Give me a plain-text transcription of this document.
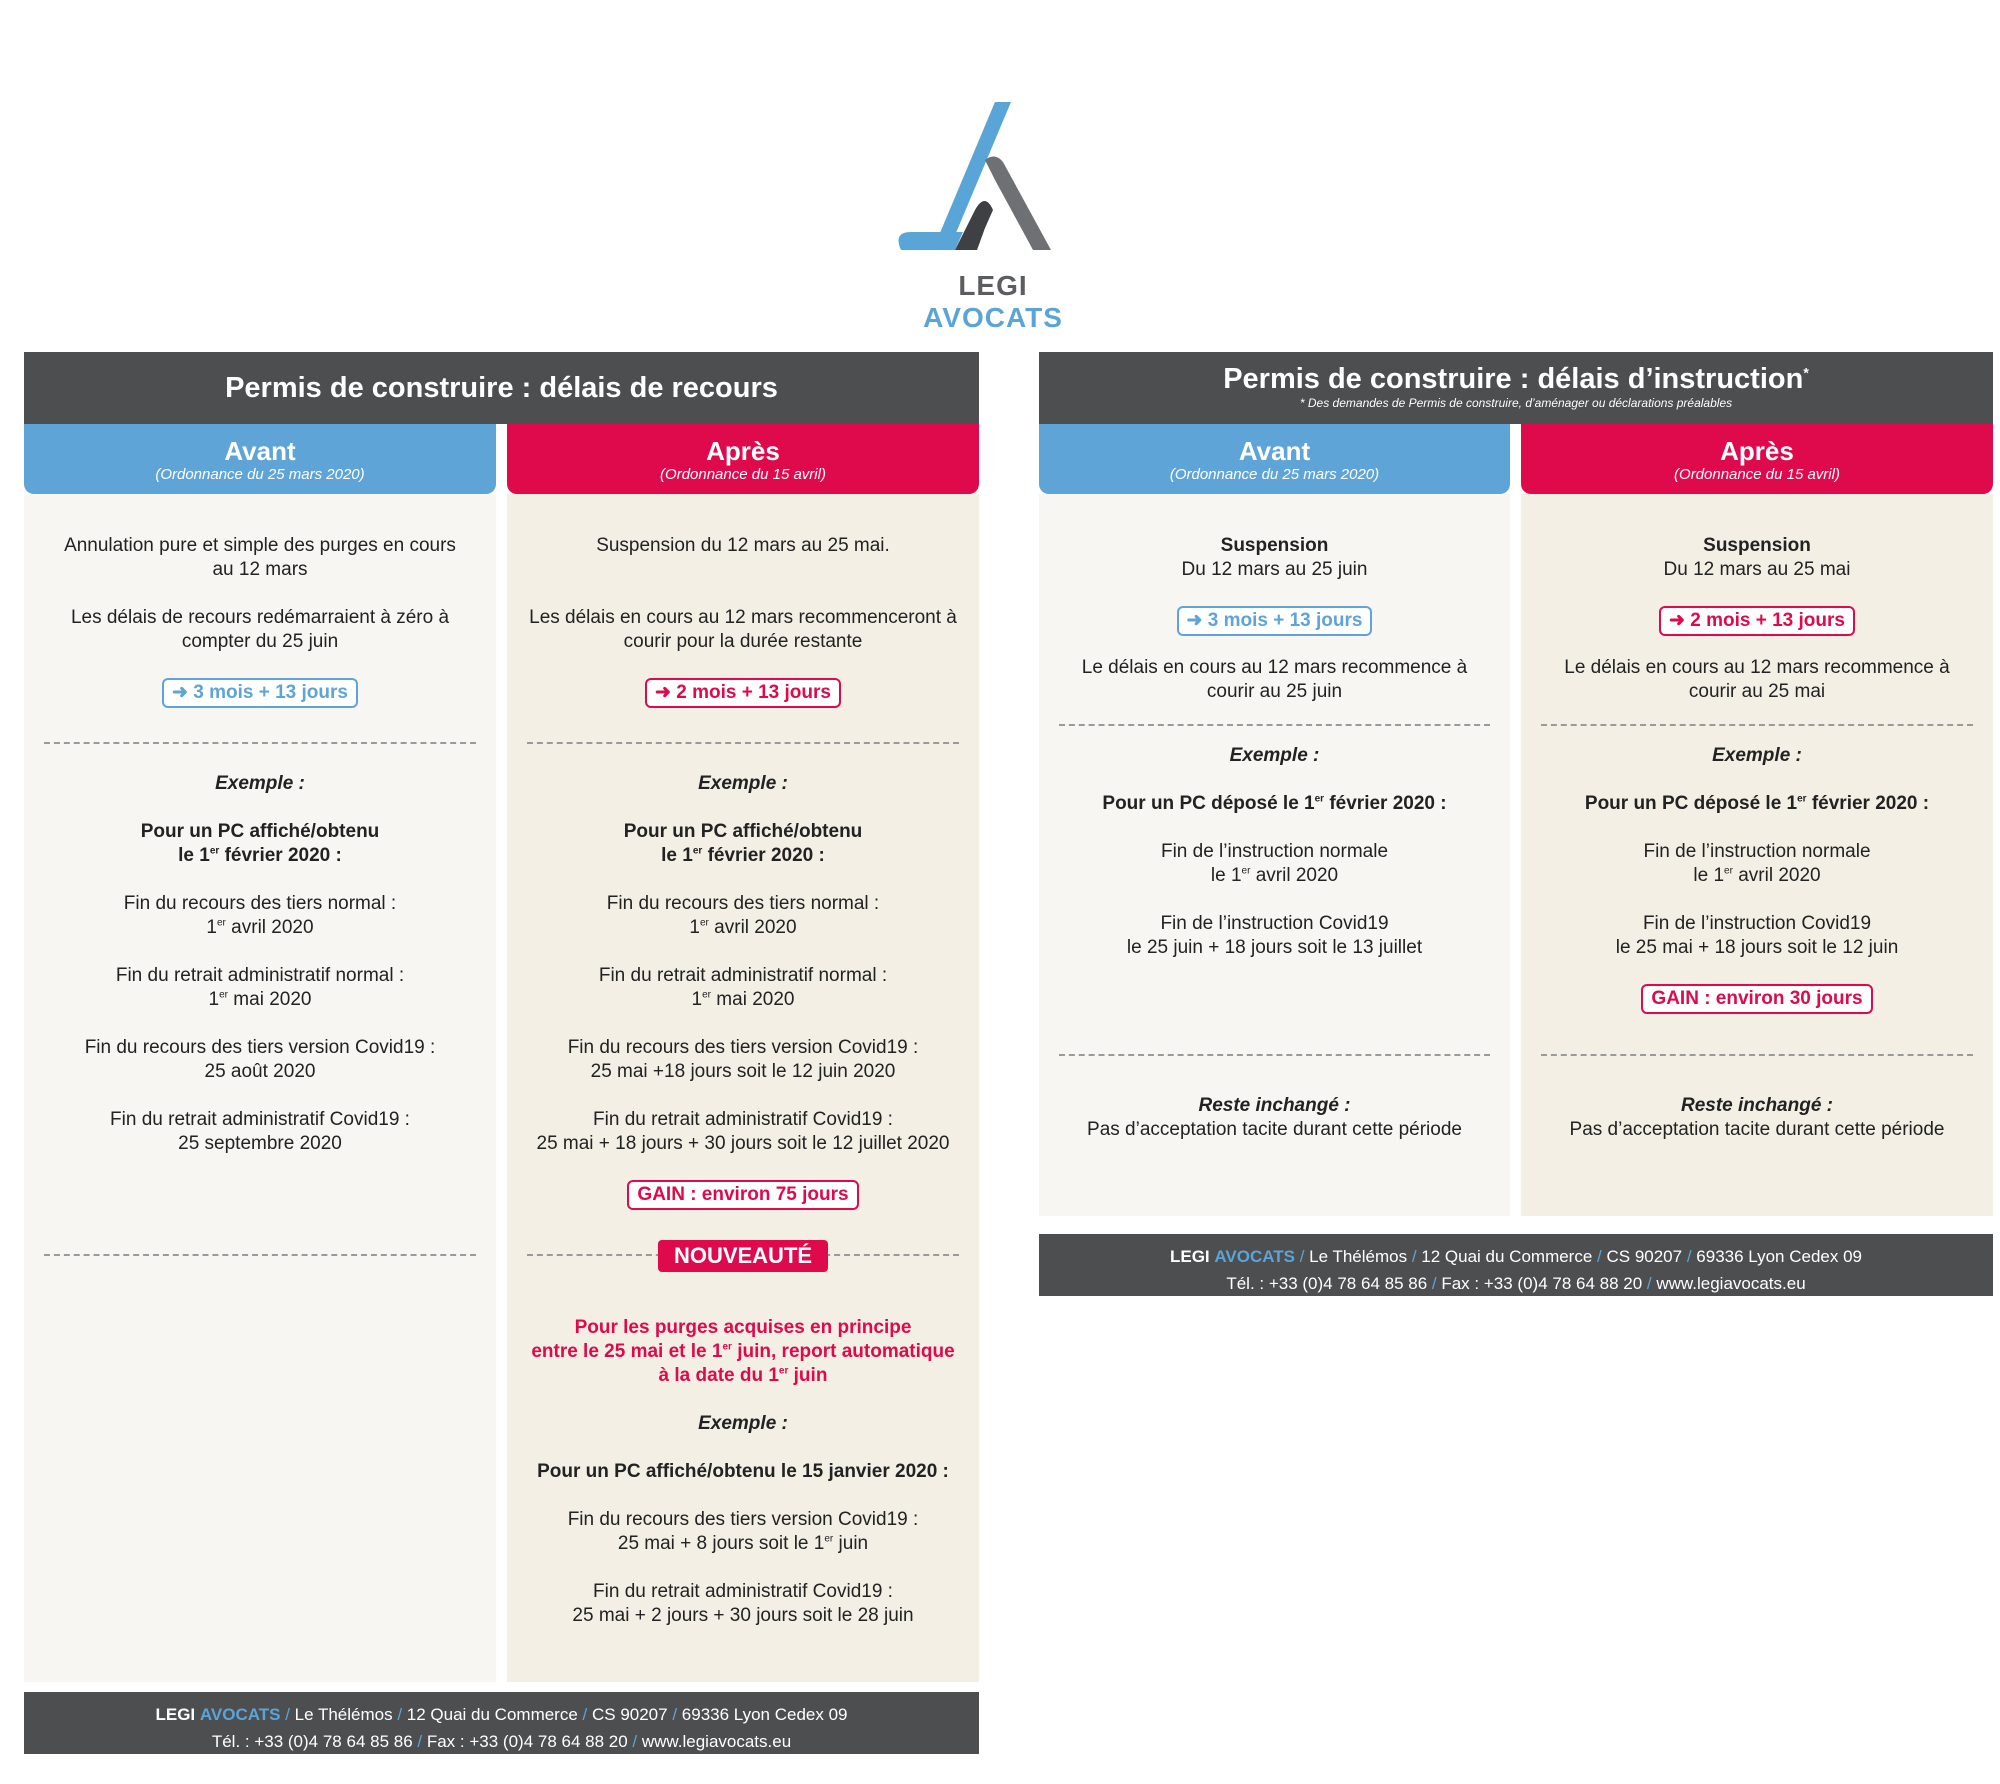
LEGI AVOCATS
Permis de construire : délais de recours
Avant
(Ordonnance du 25 mars 2020)
Après
(Ordonnance du 15 avril)

Annulation pure et simple des purges en cours au 12 mars

Les délais de recours redémarraient à zéro à compter du 25 juin

➜ 3 mois + 13 jours

Exemple :

Pour un PC affiché/obtenu
le 1er février 2020 :

Fin du recours des tiers normal :
1er avril 2020

Fin du retrait administratif normal :
1er mai 2020

Fin du recours des tiers version Covid19 :
25 août 2020

Fin du retrait administratif Covid19 :
25 septembre 2020

Suspension du 12 mars au 25 mai.

Les délais en cours au 12 mars recommenceront à courir pour la durée restante

➜ 2 mois + 13 jours

Exemple :

Pour un PC affiché/obtenu
le 1er février 2020 :

Fin du recours des tiers normal :
1er avril 2020

Fin du retrait administratif normal :
1er mai 2020

Fin du recours des tiers version Covid19 :
25 mai +18 jours soit le 12 juin 2020

Fin du retrait administratif Covid19 :
25 mai + 18 jours + 30 jours soit le 12 juillet 2020

GAIN : environ 75 jours
NOUVEAUTÉ

Pour les purges acquises en principe
entre le 25 mai et le 1er juin, report automatique
à la date du 1er juin

Exemple :

Pour un PC affiché/obtenu le 15 janvier 2020 :

Fin du recours des tiers version Covid19 :
25 mai + 8 jours soit le 1er juin

Fin du retrait administratif Covid19 :
25 mai + 2 jours + 30 jours soit le 28 juin

LEGI AVOCATS / Le Thélémos / 12 Quai du Commerce / CS 90207 / 69336 Lyon Cedex 09
Tél. : +33 (0)4 78 64 85 86 / Fax : +33 (0)4 78 64 88 20 / www.legiavocats.eu
Permis de construire : délais d’instruction*
* Des demandes de Permis de construire, d’aménager ou déclarations préalables
Avant
(Ordonnance du 25 mars 2020)
Après
(Ordonnance du 15 avril)

Suspension
Du 12 mars au 25 juin

➜ 3 mois + 13 jours

Le délais en cours au 12 mars recommence à courir au 25 juin

Exemple :

Pour un PC déposé le 1er février 2020 :

Fin de l’instruction normale
le 1er avril 2020

Fin de l’instruction Covid19
le 25 juin + 18 jours soit le 13 juillet

Reste inchangé :
Pas d’acceptation tacite durant cette période

Suspension
Du 12 mars au 25 mai

➜ 2 mois + 13 jours

Le délais en cours au 12 mars recommence à courir au 25 mai

Exemple :

Pour un PC déposé le 1er février 2020 :

Fin de l’instruction normale
le 1er avril 2020

Fin de l’instruction Covid19
le 25 mai + 18 jours soit le 12 juin

GAIN : environ 30 jours

Reste inchangé :
Pas d’acceptation tacite durant cette période

LEGI AVOCATS / Le Thélémos / 12 Quai du Commerce / CS 90207 / 69336 Lyon Cedex 09
Tél. : +33 (0)4 78 64 85 86 / Fax : +33 (0)4 78 64 88 20 / www.legiavocats.eu
